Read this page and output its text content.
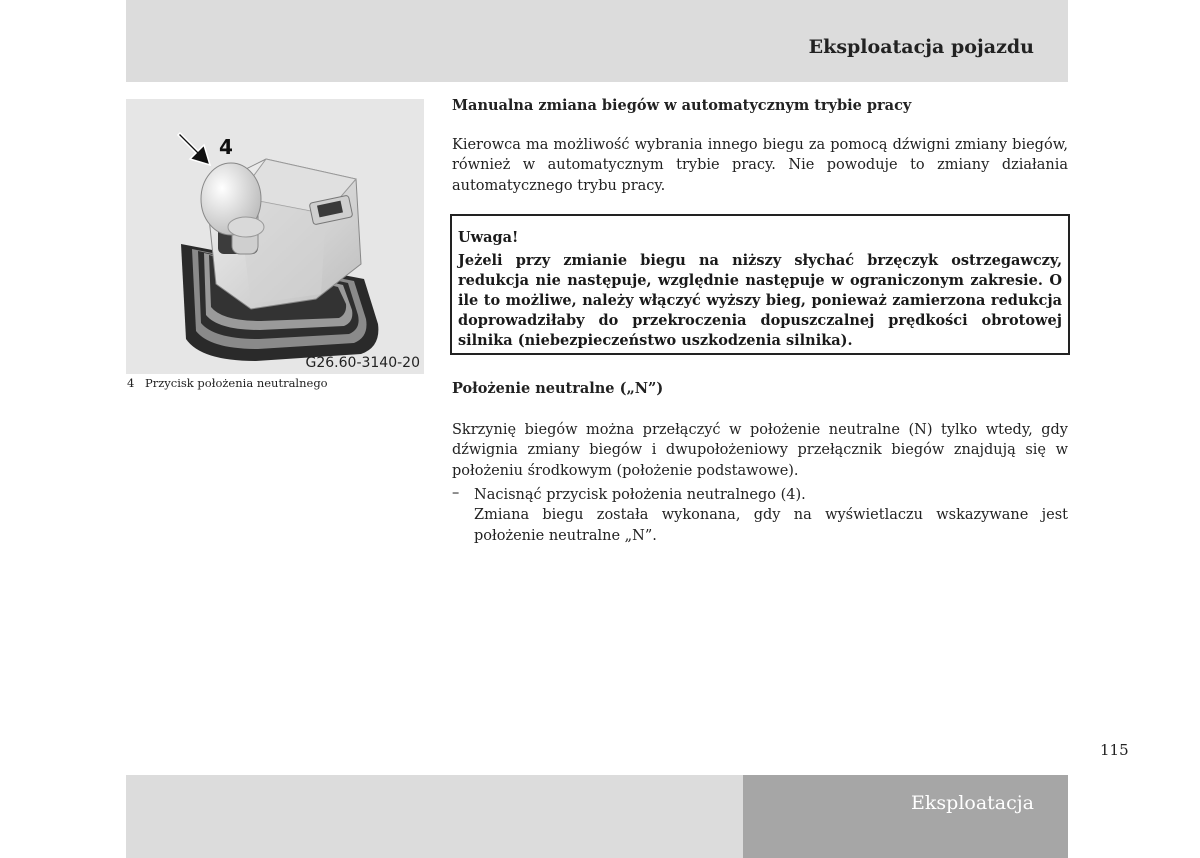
Eksploatacja pojazdu
4
G26.60-3140-20
4 Przycisk położenia neutralnego
Manualna zmiana biegów w automatycznym trybie pracy
Kierowca ma możliwość wybrania innego biegu za pomocą dźwigni zmiany biegów, również w automatycznym trybie pracy. Nie powoduje to zmiany działania automatycznego trybu pracy.
Uwaga!
Jeżeli przy zmianie biegu na niższy słychać brzęczyk ostrzegawczy, redukcja nie następuje, względnie następuje w ograniczonym zakresie. O ile to możliwe, należy włączyć wyższy bieg, ponieważ zamierzona redukcja doprowadziłaby do przekroczenia dopuszczalnej prędkości obrotowej silnika (niebezpieczeństwo uszkodzenia silnika).
Położenie neutralne („N”)
Skrzynię biegów można przełączyć w położenie neutralne (N) tylko wtedy, gdy dźwignia zmiany biegów i dwupołożeniowy przełącznik biegów znajdują się w położeniu środkowym (położenie podstawowe).
–	Nacisnąć przycisk położenia neutralnego (4).
Zmiana biegu została wykonana, gdy na wyświetlaczu wskazywane jest położenie neutralne „N”.
115
Eksploatacja
